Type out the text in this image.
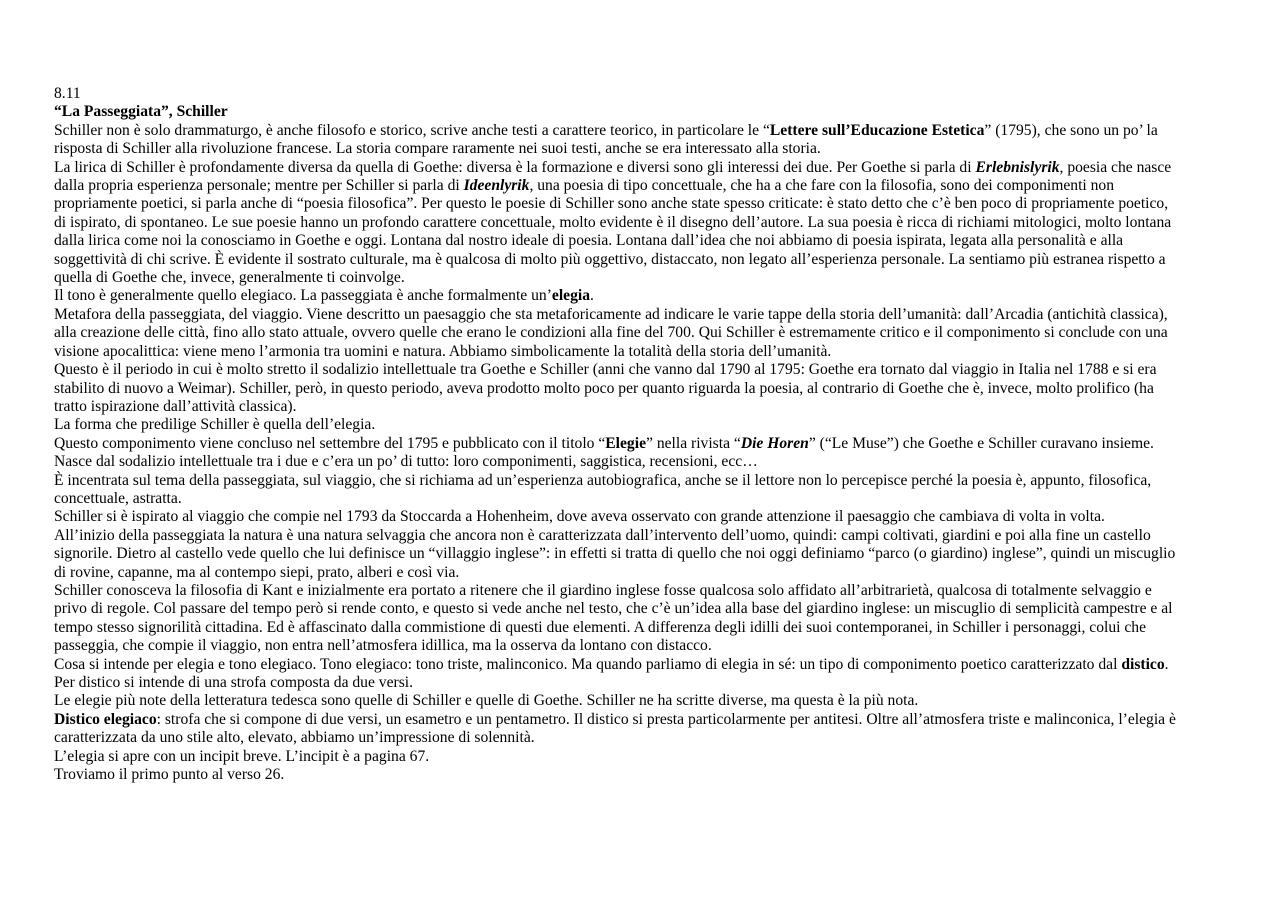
8.11

“La Passeggiata”, Schiller

Schiller non è solo drammaturgo, è anche filosofo e storico, scrive anche testi a carattere teorico, in particolare le “Lettere sull’Educazione Estetica” (1795), che sono un po’ la risposta di Schiller alla rivoluzione francese. La storia compare raramente nei suoi testi, anche se era interessato alla storia.

La lirica di Schiller è profondamente diversa da quella di Goethe: diversa è la formazione e diversi sono gli interessi dei due. Per Goethe si parla di Erlebnislyrik, poesia che nasce dalla propria esperienza personale; mentre per Schiller si parla di Ideenlyrik, una poesia di tipo concettuale, che ha a che fare con la filosofia, sono dei componimenti non propriamente poetici, si parla anche di “poesia filosofica”. Per questo le poesie di Schiller sono anche state spesso criticate: è stato detto che c’è ben poco di propriamente poetico, di ispirato, di spontaneo. Le sue poesie hanno un profondo carattere concettuale, molto evidente è il disegno dell’autore. La sua poesia è ricca di richiami mitologici, molto lontana dalla lirica come noi la conosciamo in Goethe e oggi. Lontana dal nostro ideale di poesia. Lontana dall’idea che noi abbiamo di poesia ispirata, legata alla personalità e alla soggettività di chi scrive. È evidente il sostrato culturale, ma è qualcosa di molto più oggettivo, distaccato, non legato all’esperienza personale. La sentiamo più estranea rispetto a quella di Goethe che, invece, generalmente ti coinvolge.

Il tono è generalmente quello elegiaco. La passeggiata è anche formalmente un’elegia.

Metafora della passeggiata, del viaggio. Viene descritto un paesaggio che sta metaforicamente ad indicare le varie tappe della storia dell’umanità: dall’Arcadia (antichità classica), alla creazione delle città, fino allo stato attuale, ovvero quelle che erano le condizioni alla fine del 700. Qui Schiller è estremamente critico e il componimento si conclude con una visione apocalittica: viene meno l’armonia tra uomini e natura. Abbiamo simbolicamente la totalità della storia dell’umanità.

Questo è il periodo in cui è molto stretto il sodalizio intellettuale tra Goethe e Schiller (anni che vanno dal 1790 al 1795: Goethe era tornato dal viaggio in Italia nel 1788 e si era stabilito di nuovo a Weimar). Schiller, però, in questo periodo, aveva prodotto molto poco per quanto riguarda la poesia, al contrario di Goethe che è, invece, molto prolifico (ha tratto ispirazione dall’attività classica).

La forma che predilige Schiller è quella dell’elegia.

Questo componimento viene concluso nel settembre del 1795 e pubblicato con il titolo “Elegie” nella rivista “Die Horen” (“Le Muse”) che Goethe e Schiller curavano insieme. Nasce dal sodalizio intellettuale tra i due e c’era un po’ di tutto: loro componimenti, saggistica, recensioni, ecc…

È incentrata sul tema della passeggiata, sul viaggio, che si richiama ad un’esperienza autobiografica, anche se il lettore non lo percepisce perché la poesia è, appunto, filosofica, concettuale, astratta.

Schiller si è ispirato al viaggio che compie nel 1793 da Stoccarda a Hohenheim, dove aveva osservato con grande attenzione il paesaggio che cambiava di volta in volta.

All’inizio della passeggiata la natura è una natura selvaggia che ancora non è caratterizzata dall’intervento dell’uomo, quindi: campi coltivati, giardini e poi alla fine un castello signorile. Dietro al castello vede quello che lui definisce un “villaggio inglese”: in effetti si tratta di quello che noi oggi definiamo “parco (o giardino) inglese”, quindi un miscuglio di rovine, capanne, ma al contempo siepi, prato, alberi e così via.

Schiller conosceva la filosofia di Kant e inizialmente era portato a ritenere che il giardino inglese fosse qualcosa solo affidato all’arbitrarietà, qualcosa di totalmente selvaggio e privo di regole. Col passare del tempo però si rende conto, e questo si vede anche nel testo, che c’è un’idea alla base del giardino inglese: un miscuglio di semplicità campestre e al tempo stesso signorilità cittadina. Ed è affascinato dalla commistione di questi due elementi. A differenza degli idilli dei suoi contemporanei, in Schiller i personaggi, colui che passeggia, che compie il viaggio, non entra nell’atmosfera idillica, ma la osserva da lontano con distacco.

Cosa si intende per elegia e tono elegiaco. Tono elegiaco: tono triste, malinconico. Ma quando parliamo di elegia in sé: un tipo di componimento poetico caratterizzato dal distico. Per distico si intende di una strofa composta da due versi.

Le elegie più note della letteratura tedesca sono quelle di Schiller e quelle di Goethe. Schiller ne ha scritte diverse, ma questa è la più nota.

Distico elegiaco: strofa che si compone di due versi, un esametro e un pentametro. Il distico si presta particolarmente per antitesi. Oltre all’atmosfera triste e malinconica, l’elegia è caratterizzata da uno stile alto, elevato, abbiamo un’impressione di solennità.

L’elegia si apre con un incipit breve. L’incipit è a pagina 67.

Troviamo il primo punto al verso 26.
